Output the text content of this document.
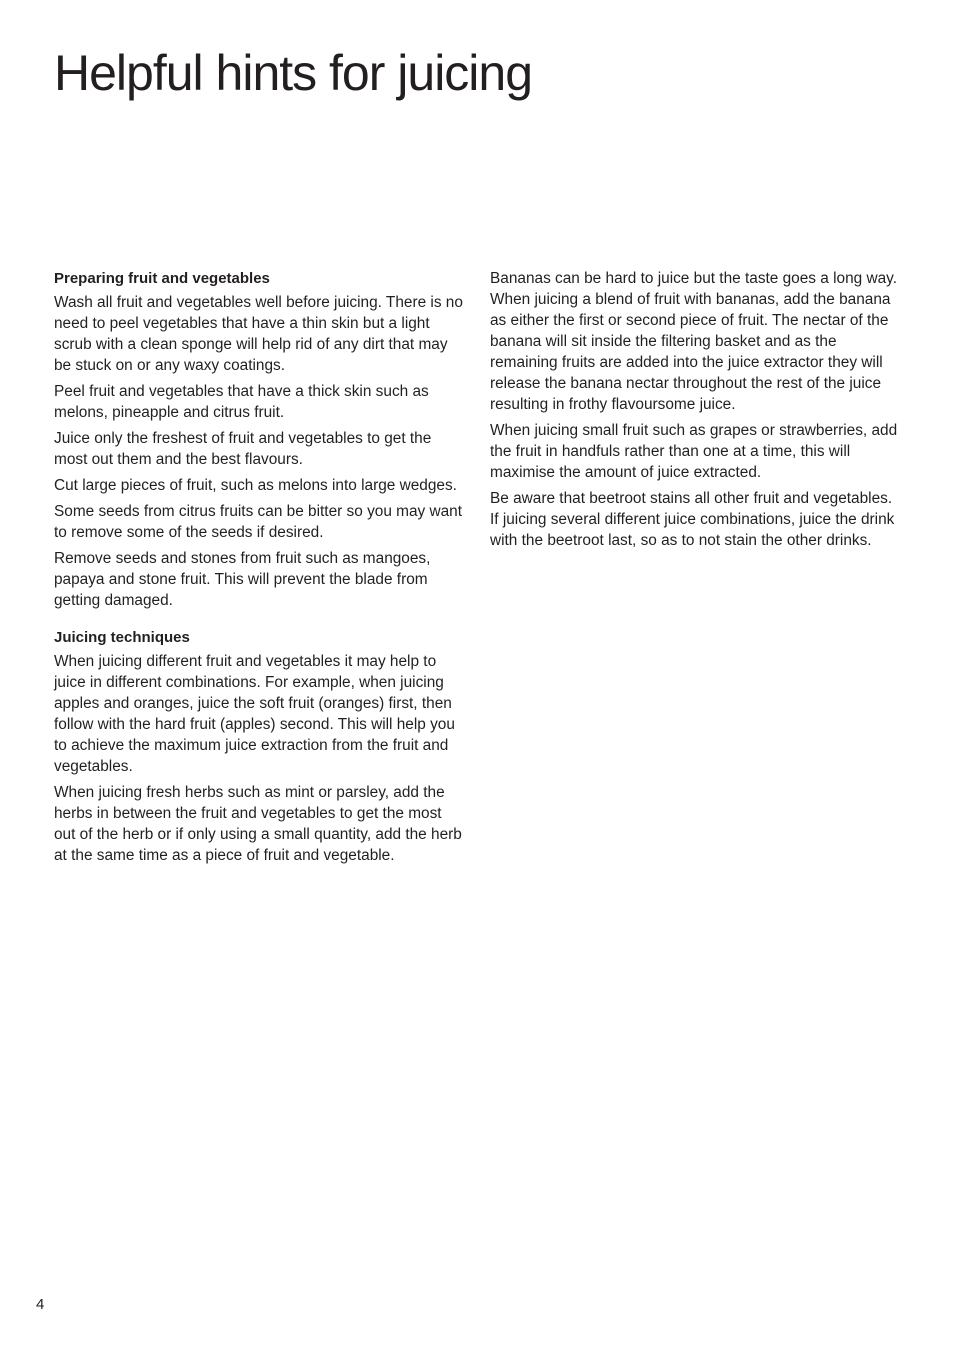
Helpful hints for juicing
Preparing fruit and vegetables

Wash all fruit and vegetables well before juicing. There is no need to peel vegetables that have a thin skin but a light scrub with a clean sponge will help rid of any dirt that may be stuck on or any waxy coatings.

Peel fruit and vegetables that have a thick skin such as melons, pineapple and citrus fruit.

Juice only the freshest of fruit and vegetables to get the most out them and the best flavours.

Cut large pieces of fruit, such as melons into large wedges.

Some seeds from citrus fruits can be bitter so you may want to remove some of the seeds if desired.

Remove seeds and stones from fruit such as mangoes, papaya and stone fruit. This will prevent the blade from getting damaged.

Juicing techniques

When juicing different fruit and vegetables it may help to juice in different combinations. For example, when juicing apples and oranges, juice the soft fruit (oranges) first, then follow with the hard fruit (apples) second. This will help you to achieve the maximum juice extraction from the fruit and vegetables.

When juicing fresh herbs such as mint or parsley, add the herbs in between the fruit and vegetables to get the most out of the herb or if only using a small quantity, add the herb at the same time as a piece of fruit and vegetable.

Bananas can be hard to juice but the taste goes a long way. When juicing a blend of fruit with bananas, add the banana as either the first or second piece of fruit. The nectar of the banana will sit inside the filtering basket and as the remaining fruits are added into the juice extractor they will release the banana nectar throughout the rest of the juice resulting in frothy flavoursome juice.

When juicing small fruit such as grapes or strawberries, add the fruit in handfuls rather than one at a time, this will maximise the amount of juice extracted.

Be aware that beetroot stains all other fruit and vegetables. If juicing several different juice combinations, juice the drink with the beetroot last, so as to not stain the other drinks.

4
